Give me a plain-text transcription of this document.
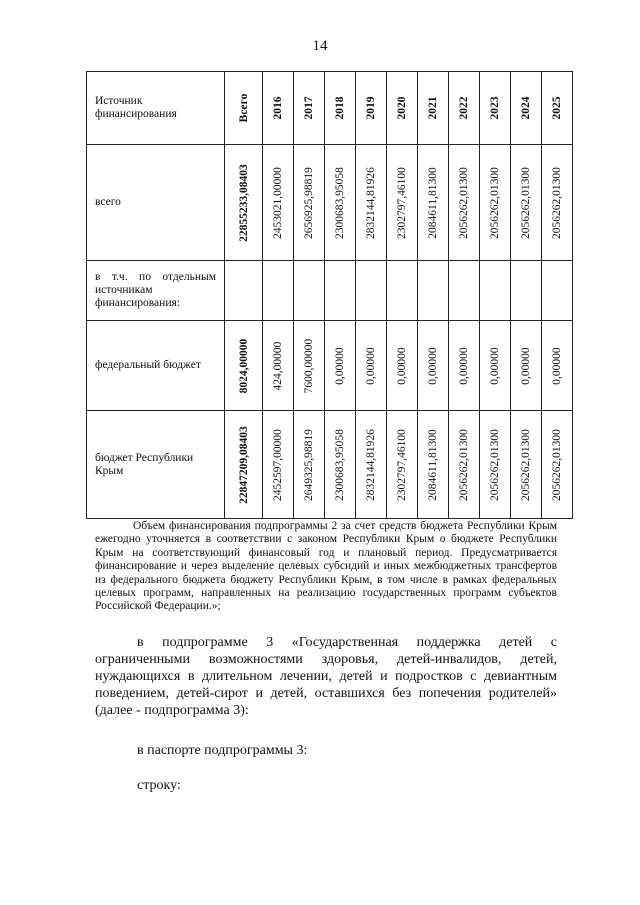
14
Источник финансирования	Всего	2016	2017	2018	2019	2020	2021	2022	2023	2024	2025

всего	22855233,08403	2453021,00000	2656925,98819	2300683,95058	2832144,81926	2302797,46100	2084611,81300	2056262,01300	2056262,01300	2056262,01300	2056262,01300

в т.ч. по отдельным источникам финансирования:	

федеральный бюджет	8024,00000	424,00000	7600,00000	0,00000	0,00000	0,00000	0,00000	0,00000	0,00000	0,00000	0,00000

бюджет Республики Крым	22847209,08403	2452597,00000	2649325,98819	2300683,95058	2832144,81926	2302797,46100	2084611,81300	2056262,01300	2056262,01300	2056262,01300	2056262,01300

Объем финансирования подпрограммы 2 за счет средств бюджета Республики Крым ежегодно уточняется в соответствии с законом Республики Крым о бюджете Республики Крым на соответствующий финансовый год и плановый период. Предусматривается финансирование и через выделение целевых субсидий и иных межбюджетных трансфертов из федерального бюджета бюджету Республики Крым, в том числе в рамках федеральных целевых программ, направленных на реализацию государственных программ субъектов Российской Федерации.»;

в подпрограмме 3 «Государственная поддержка детей с ограниченными возможностями здоровья, детей-инвалидов, детей, нуждающихся в длительном лечении, детей и подростков с девиантным поведением, детей-сирот и детей, оставшихся без попечения родителей» (далее - подпрограмма 3):

в паспорте подпрограммы 3:

строку:
